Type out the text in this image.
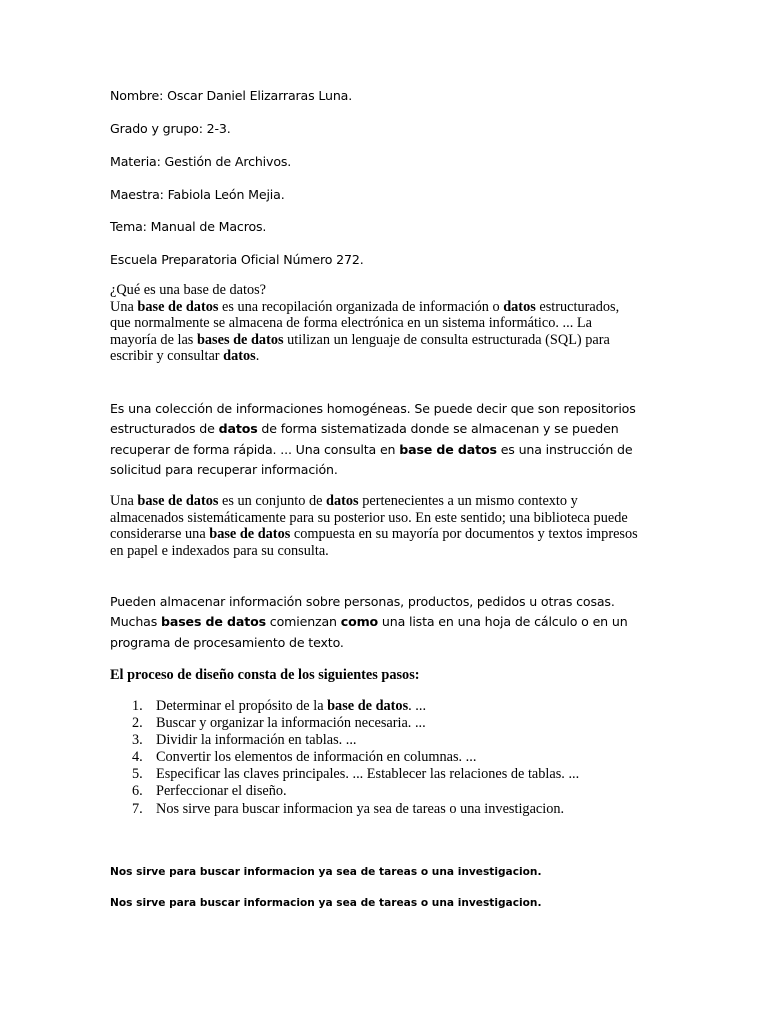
Nombre: Oscar Daniel Elizarraras Luna.

Grado y grupo: 2-3.

Materia: Gestión de Archivos.

Maestra: Fabiola León Mejia.

Tema: Manual de Macros.

Escuela Preparatoria Oficial Número 272.

¿Qué es una base de datos?
Una base de datos es una recopilación organizada de información o datos estructurados, que normalmente se almacena de forma electrónica en un sistema informático. ... La mayoría de las bases de datos utilizan un lenguaje de consulta estructurada (SQL) para escribir y consultar datos.
Es una colección de informaciones homogéneas. Se puede decir que son repositorios estructurados de datos de forma sistematizada donde se almacenan y se pueden recuperar de forma rápida. ... Una consulta en base de datos es una instrucción de solicitud para recuperar información.
Una base de datos es un conjunto de datos pertenecientes a un mismo contexto y almacenados sistemáticamente para su posterior uso. En este sentido; una biblioteca puede considerarse una base de datos compuesta en su mayoría por documentos y textos impresos en papel e indexados para su consulta.
Pueden almacenar información sobre personas, productos, pedidos u otras cosas. Muchas bases de datos comienzan como una lista en una hoja de cálculo o en un programa de procesamiento de texto.

El proceso de diseño consta de los siguientes pasos:

1. Determinar el propósito de la base de datos. ...
2. Buscar y organizar la información necesaria. ...
3. Dividir la información en tablas. ...
4. Convertir los elementos de información en columnas. ...
5. Especificar las claves principales. ... Establecer las relaciones de tablas. ...
6. Perfeccionar el diseño.
7. Nos sirve para buscar informacion ya sea de tareas o una investigacion.

Nos sirve para buscar informacion ya sea de tareas o una investigacion.

Nos sirve para buscar informacion ya sea de tareas o una investigacion.
